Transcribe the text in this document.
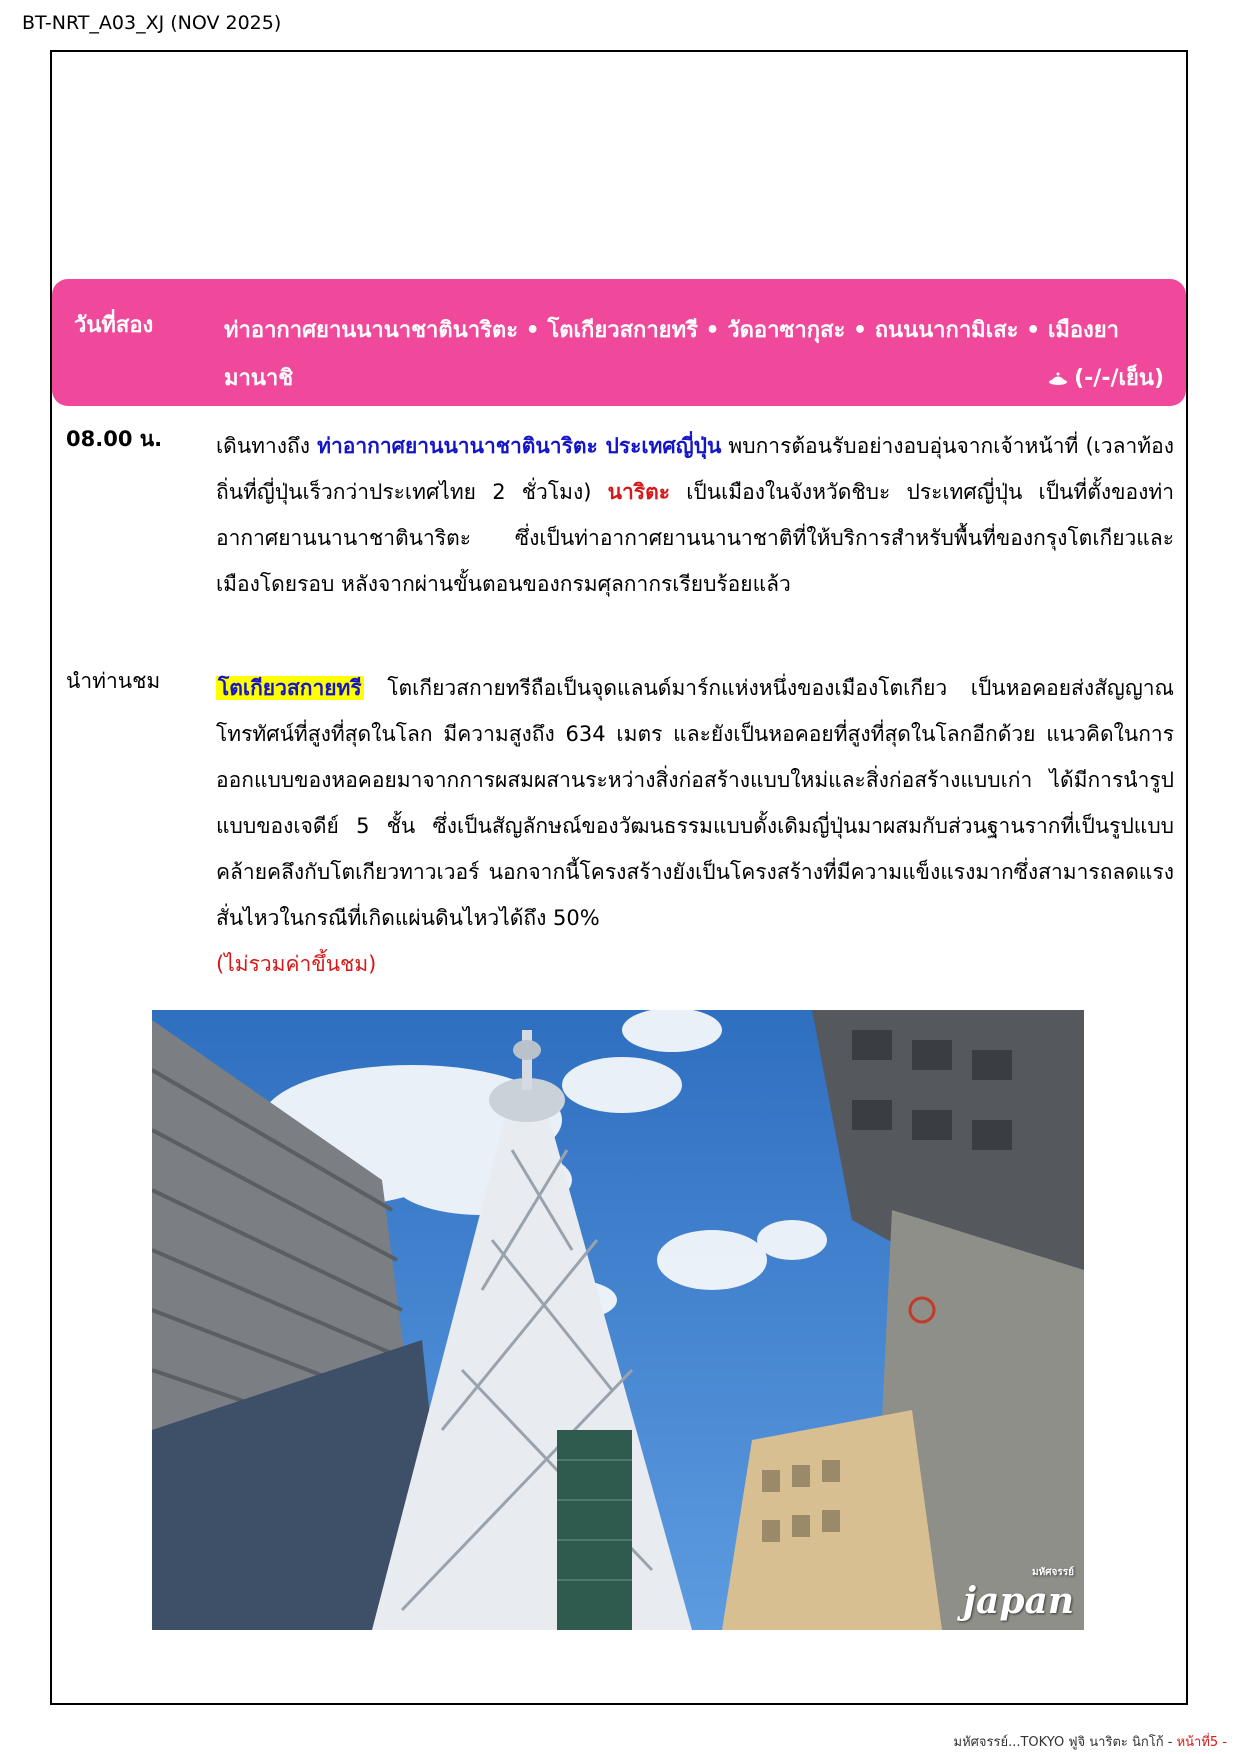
BT-NRT_A03_XJ (NOV 2025)
วันที่สอง	ท่าอากาศยานนานาชาตินาริตะ • โตเกียวสกายทรี • วัดอาซากุสะ • ถนนนากามิเสะ • เมืองยา
มานาชิ	(-/-/เย็น)
08.00 น.	เดินทางถึง ท่าอากาศยานนานาชาตินาริตะ ประเทศญี่ปุ่น พบการต้อนรับอย่างอบอุ่นจากเจ้าหน้าที่ (เวลาท้องถิ่นที่ญี่ปุ่นเร็วกว่าประเทศไทย 2 ชั่วโมง) นาริตะ เป็นเมืองในจังหวัดชิบะ ประเทศญี่ปุ่น เป็นที่ตั้งของท่าอากาศยานนานาชาตินาริตะ ซึ่งเป็นท่าอากาศยานนานาชาติที่ให้บริการสำหรับพื้นที่ของกรุงโตเกียวและเมืองโดยรอบ หลังจากผ่านขั้นตอนของกรมศุลกากรเรียบร้อยแล้ว
นำท่านชม	โตเกียวสกายทรี โตเกียวสกายทรีถือเป็นจุดแลนด์มาร์กแห่งหนึ่งของเมืองโตเกียว เป็นหอคอยส่งสัญญาณโทรทัศน์ที่สูงที่สุดในโลก มีความสูงถึง 634 เมตร และยังเป็นหอคอยที่สูงที่สุดในโลกอีกด้วย แนวคิดในการออกแบบของหอคอยมาจากการผสมผสานระหว่างสิ่งก่อสร้างแบบใหม่และสิ่งก่อสร้างแบบเก่า ได้มีการนำรูปแบบของเจดีย์ 5 ชั้น ซึ่งเป็นสัญลักษณ์ของวัฒนธรรมแบบดั้งเดิมญี่ปุ่นมาผสมกับส่วนฐานรากที่เป็นรูปแบบคล้ายคลึงกับโตเกียวทาวเวอร์ นอกจากนี้โครงสร้างยังเป็นโครงสร้างที่มีความแข็งแรงมากซึ่งสามารถลดแรงสั่นไหวในกรณีที่เกิดแผ่นดินไหวได้ถึง 50%
(ไม่รวมค่าขึ้นชม)
มหัศจรรย์
japan
มหัศจรรย์...TOKYO ฟูจิ นาริตะ นิกโก้ - หน้าที่5 -
